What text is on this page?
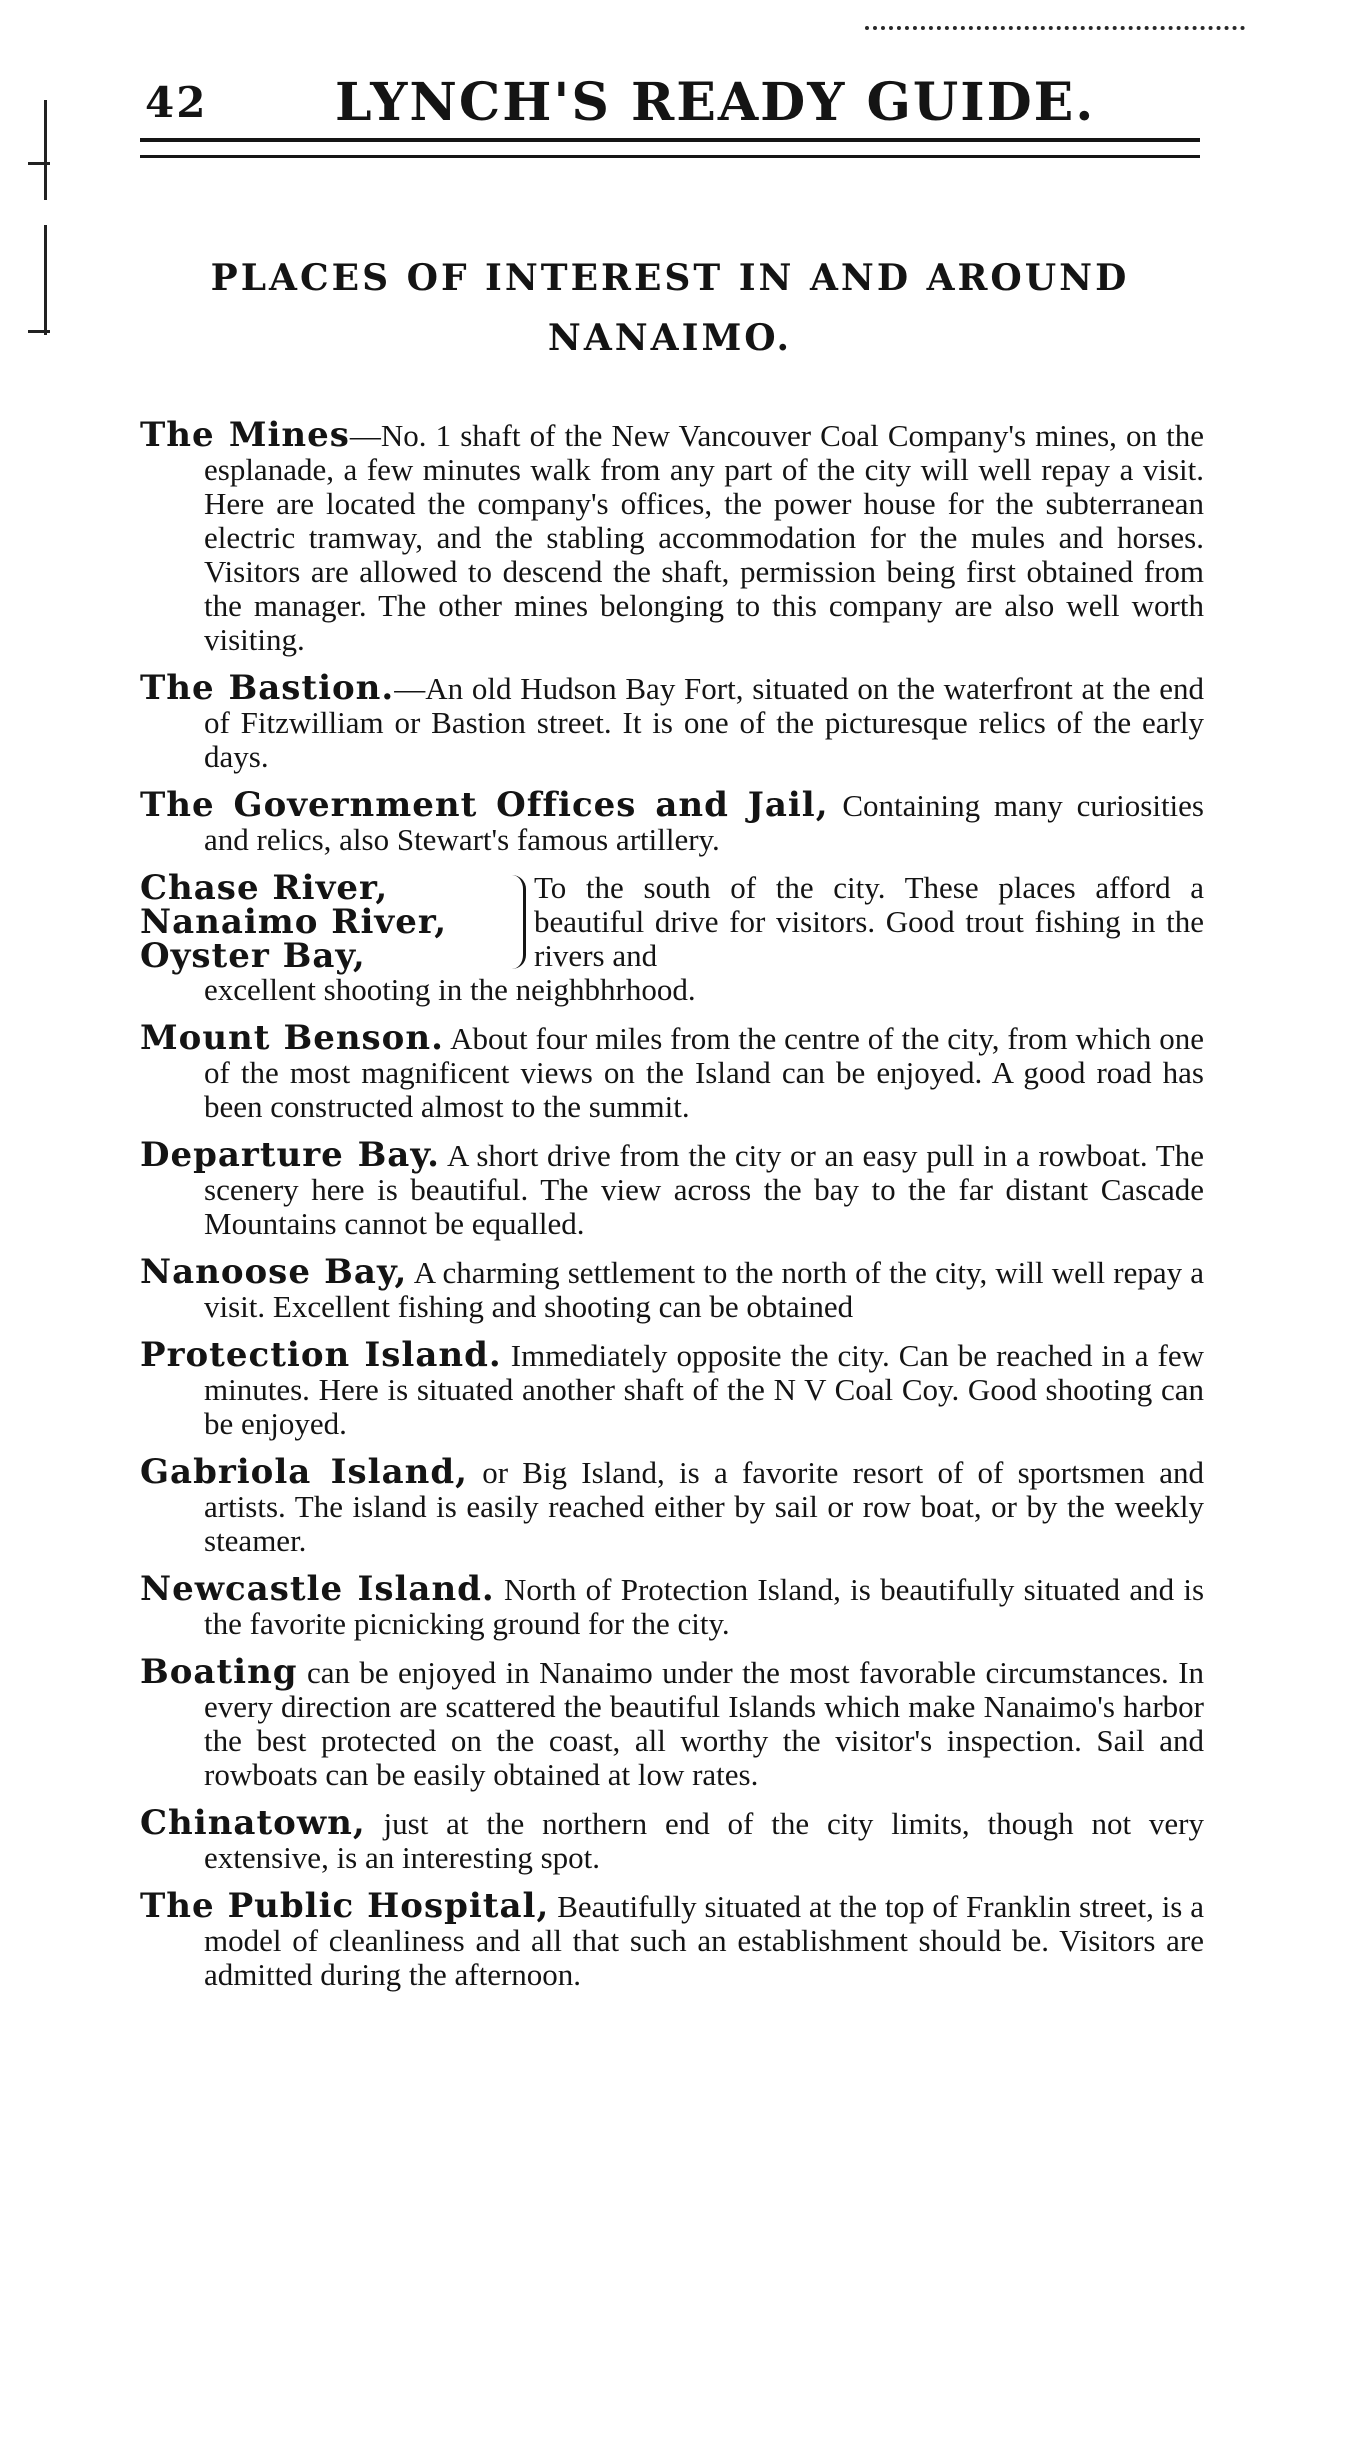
42 LYNCH'S READY GUIDE.
PLACES OF INTEREST IN AND AROUND NANAIMO.
The Mines—No. 1 shaft of the New Vancouver Coal Company's mines, on the esplanade, a few minutes walk from any part of the city will well repay a visit. Here are located the company's offices, the power house for the subterranean electric tramway, and the stabling accommodation for the mules and horses. Visitors are allowed to descend the shaft, permission being first obtained from the manager. The other mines belonging to this company are also well worth visiting.
The Bastion.—An old Hudson Bay Fort, situated on the waterfront at the end of Fitzwilliam or Bastion street. It is one of the picturesque relics of the early days.
The Government Offices and Jail, Containing many curiosities and relics, also Stewart's famous artillery.
Chase River,
Nanaimo River,
Oyster Bay,
To the south of the city. These places afford a beautiful drive for visitors. Good trout fishing in the rivers and
excellent shooting in the neighbhrhood.
Mount Benson. About four miles from the centre of the city, from which one of the most magnificent views on the Island can be enjoyed. A good road has been constructed almost to the summit.
Departure Bay. A short drive from the city or an easy pull in a rowboat. The scenery here is beautiful. The view across the bay to the far distant Cascade Mountains cannot be equalled.
Nanoose Bay, A charming settlement to the north of the city, will well repay a visit. Excellent fishing and shooting can be obtained
Protection Island. Immediately opposite the city. Can be reached in a few minutes. Here is situated another shaft of the N V Coal Coy. Good shooting can be enjoyed.
Gabriola Island, or Big Island, is a favorite resort of of sportsmen and artists. The island is easily reached either by sail or row boat, or by the weekly steamer.
Newcastle Island. North of Protection Island, is beautifully situated and is the favorite picnicking ground for the city.
Boating can be enjoyed in Nanaimo under the most favorable circumstances. In every direction are scattered the beautiful Islands which make Nanaimo's harbor the best protected on the coast, all worthy the visitor's inspection. Sail and rowboats can be easily obtained at low rates.
Chinatown, just at the northern end of the city limits, though not very extensive, is an interesting spot.
The Public Hospital, Beautifully situated at the top of Franklin street, is a model of cleanliness and all that such an establishment should be. Visitors are admitted during the afternoon.
